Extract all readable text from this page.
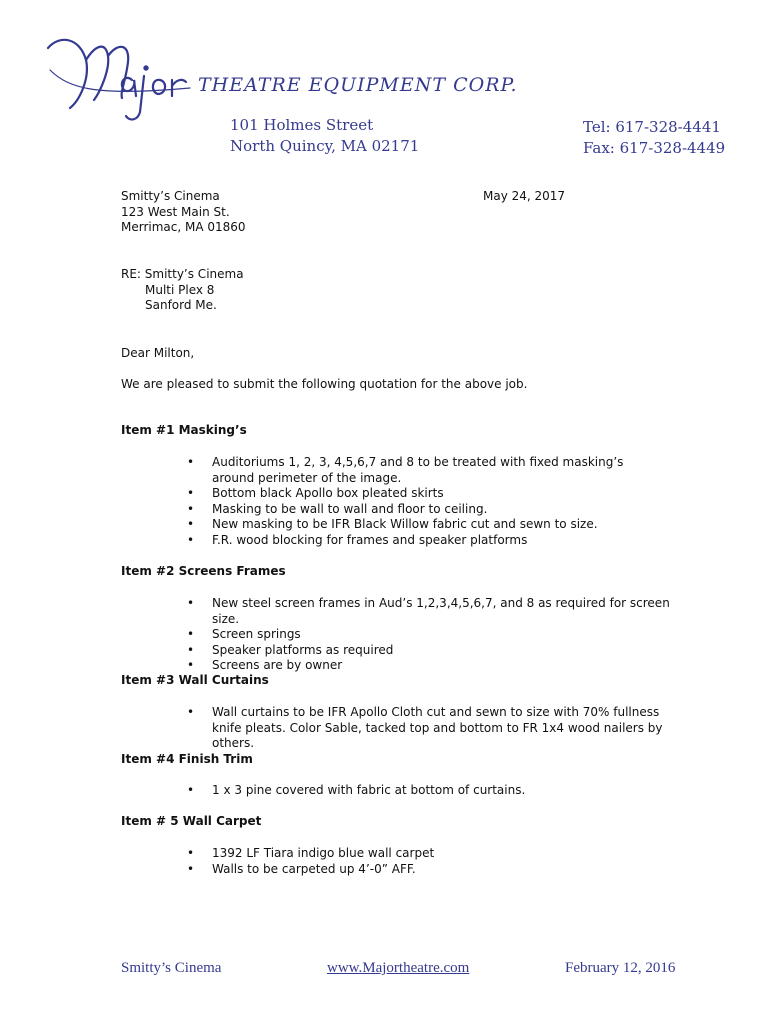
Major
THEATRE EQUIPMENT CORP.
101 Holmes Street
North Quincy, MA 02171
Tel: 617-328-4441
Fax: 617-328-4449
Smitty’s Cinema
123 West Main St.
Merrimac, MA 01860
May 24, 2017
RE: Smitty’s Cinema
Multi Plex 8
Sanford Me.
Dear Milton,
We are pleased to submit the following quotation for the above job.
Item #1 Masking’s
• Auditoriums 1, 2, 3, 4,5,6,7 and 8 to be treated with fixed masking’s around perimeter of the image.
• Bottom black Apollo box pleated skirts
• Masking to be wall to wall and floor to ceiling.
• New masking to be IFR Black Willow fabric cut and sewn to size.
• F.R. wood blocking for frames and speaker platforms
Item #2 Screens Frames
• New steel screen frames in Aud’s 1,2,3,4,5,6,7, and 8 as required for screen size.
• Screen springs
• Speaker platforms as required
• Screens are by owner
Item #3 Wall Curtains
• Wall curtains to be IFR Apollo Cloth cut and sewn to size with 70% fullness knife pleats. Color Sable, tacked top and bottom to FR 1x4 wood nailers by others.
Item #4 Finish Trim
• 1 x 3 pine covered with fabric at bottom of curtains.
Item # 5 Wall Carpet
• 1392 LF Tiara indigo blue wall carpet
• Walls to be carpeted up 4’-0” AFF.
Smitty’s Cinema	www.Majortheatre.com	February 12, 2016
